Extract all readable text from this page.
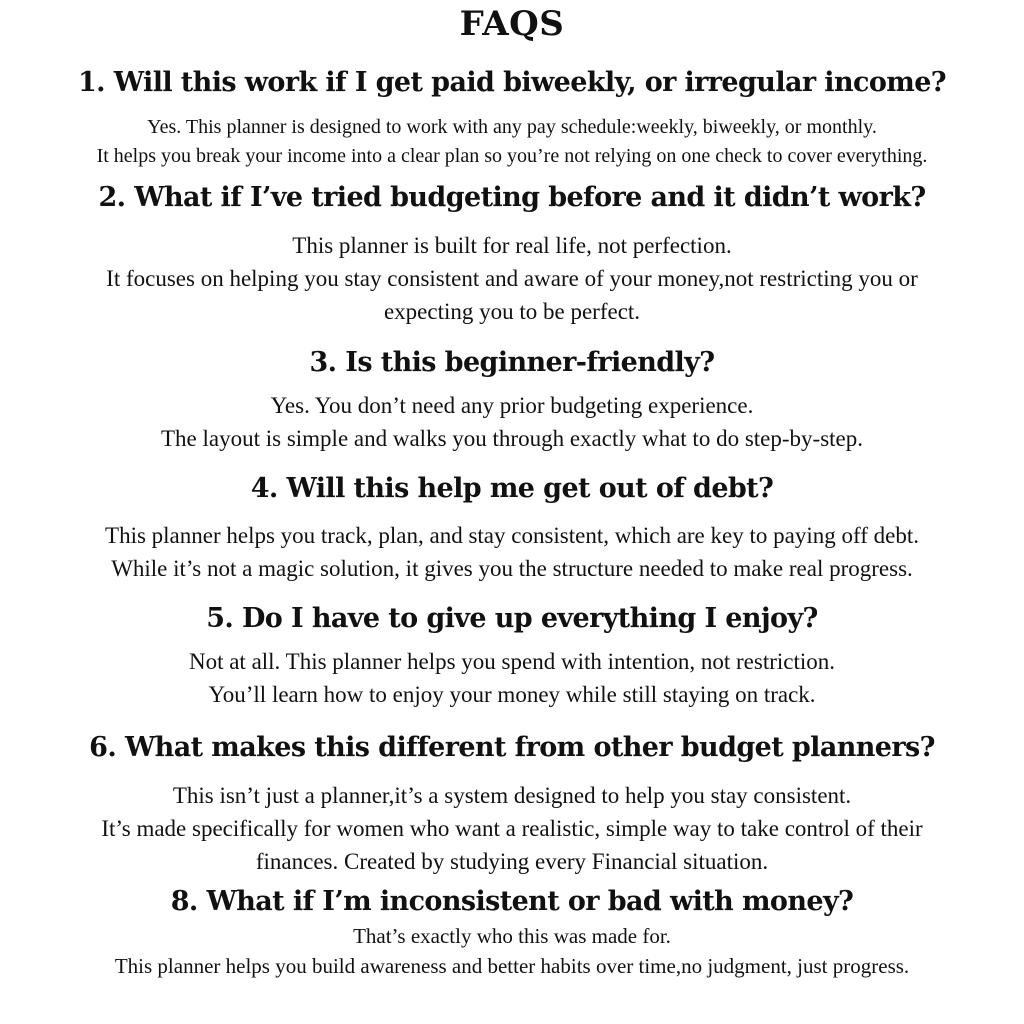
FAQS
1. Will this work if I get paid biweekly, or irregular income?

Yes. This planner is designed to work with any pay schedule:weekly, biweekly, or monthly.
It helps you break your income into a clear plan so you’re not relying on one check to cover everything.

2. What if I’ve tried budgeting before and it didn’t work?

This planner is built for real life, not perfection.
It focuses on helping you stay consistent and aware of your money,not restricting you or
expecting you to be perfect.

3. Is this beginner-friendly?

Yes. You don’t need any prior budgeting experience.
The layout is simple and walks you through exactly what to do step-by-step.

4. Will this help me get out of debt?

This planner helps you track, plan, and stay consistent, which are key to paying off debt.
While it’s not a magic solution, it gives you the structure needed to make real progress.

5. Do I have to give up everything I enjoy?

Not at all. This planner helps you spend with intention, not restriction.
You’ll learn how to enjoy your money while still staying on track.

6. What makes this different from other budget planners?

This isn’t just a planner,it’s a system designed to help you stay consistent.
It’s made specifically for women who want a realistic, simple way to take control of their
finances. Created by studying every Financial situation.

8. What if I’m inconsistent or bad with money?

That’s exactly who this was made for.
This planner helps you build awareness and better habits over time,no judgment, just progress.
